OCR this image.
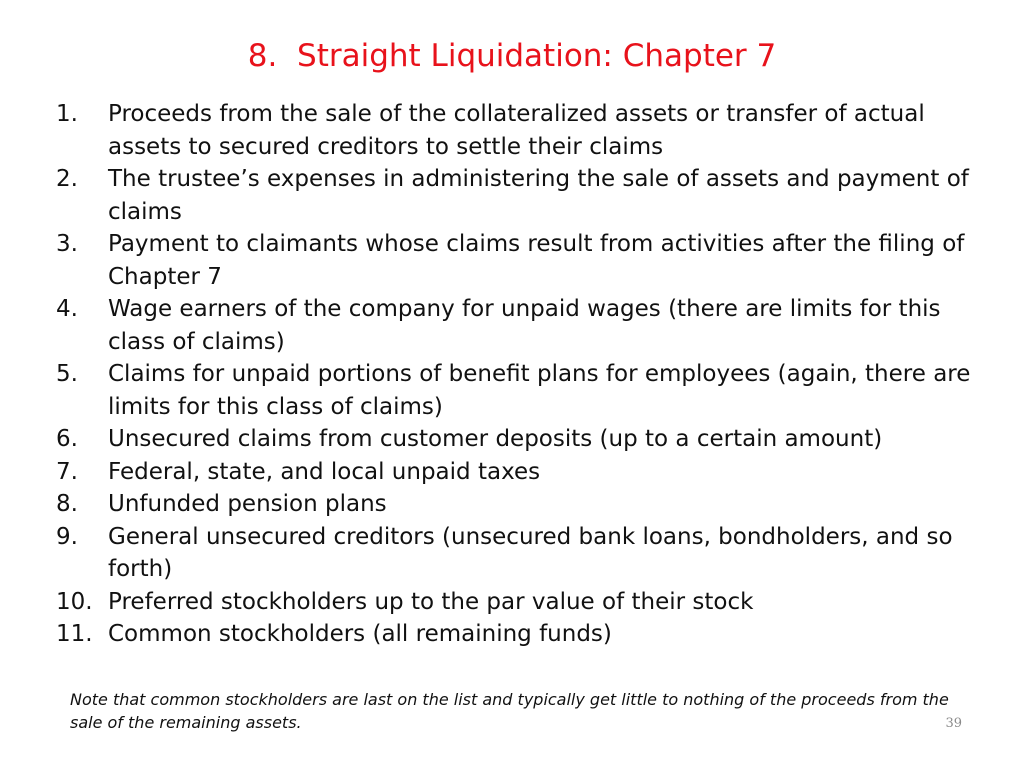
8.  Straight Liquidation: Chapter 7
1.	Proceeds from the sale of the collateralized assets or transfer of actual assets to secured creditors to settle their claims
2.	The trustee’s expenses in administering the sale of assets and payment of claims
3.	Payment to claimants whose claims result from activities after the filing of Chapter 7
4.	Wage earners of the company for unpaid wages (there are limits for this class of claims)
5.	Claims for unpaid portions of benefit plans for employees (again, there are limits for this class of claims)
6.	Unsecured claims from customer deposits (up to a certain amount)
7.	Federal, state, and local unpaid taxes
8.	Unfunded pension plans
9.	General unsecured creditors (unsecured bank loans, bondholders, and so forth)
10. Preferred stockholders up to the par value of their stock
11. Common stockholders (all remaining funds)
Note that common stockholders are last on the list and typically get little to nothing of the proceeds from the sale of the remaining assets.	39
